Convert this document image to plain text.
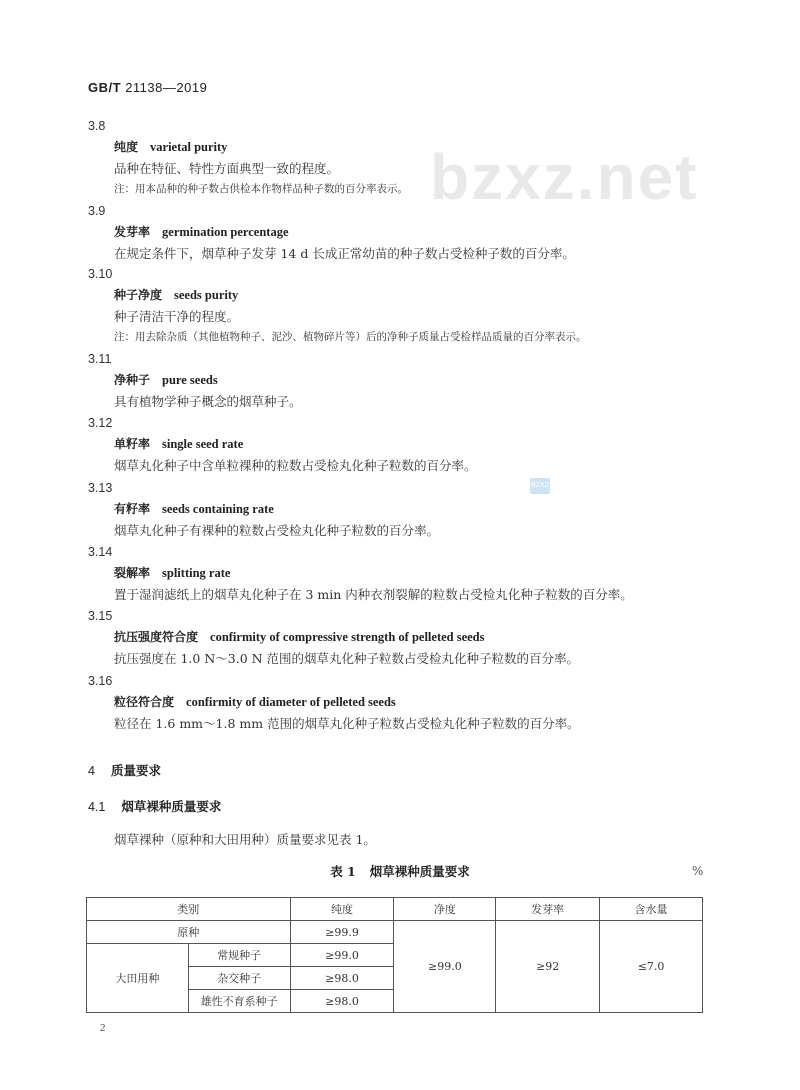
GB/T 21138—2019
bzxz.net
BZXZ
3.8
纯度 varietal purity
品种在特征、特性方面典型一致的程度。
注：用本品种的种子数占供检本作物样品种子数的百分率表示。
3.9
发芽率 germination percentage
在规定条件下，烟草种子发芽 14 d 长成正常幼苗的种子数占受检种子数的百分率。
3.10
种子净度 seeds purity
种子清洁干净的程度。
注：用去除杂质（其他植物种子、泥沙、植物碎片等）后的净种子质量占受检样品质量的百分率表示。
3.11
净种子 pure seeds
具有植物学种子概念的烟草种子。
3.12
单籽率 single seed rate
烟草丸化种子中含单粒裸种的粒数占受检丸化种子粒数的百分率。
3.13
有籽率 seeds containing rate
烟草丸化种子有裸种的粒数占受检丸化种子粒数的百分率。
3.14
裂解率 splitting rate
置于湿润滤纸上的烟草丸化种子在 3 min 内种衣剂裂解的粒数占受检丸化种子粒数的百分率。
3.15
抗压强度符合度 confirmity of compressive strength of pelleted seeds
抗压强度在 1.0 N～3.0 N 范围的烟草丸化种子粒数占受检丸化种子粒数的百分率。
3.16
粒径符合度 confirmity of diameter of pelleted seeds
粒径在 1.6 mm～1.8 mm 范围的烟草丸化种子粒数占受检丸化种子粒数的百分率。
4 质量要求
4.1 烟草裸种质量要求
烟草裸种（原种和大田用种）质量要求见表 1。
表 1 烟草裸种质量要求	%
类别		纯度	净度	发芽率	含水量
原种		≥99.9	≥99.0	≥92	≤7.0
大田用种	常规种子	≥99.0			
	杂交种子	≥98.0			
	雄性不育系种子	≥98.0			
2
